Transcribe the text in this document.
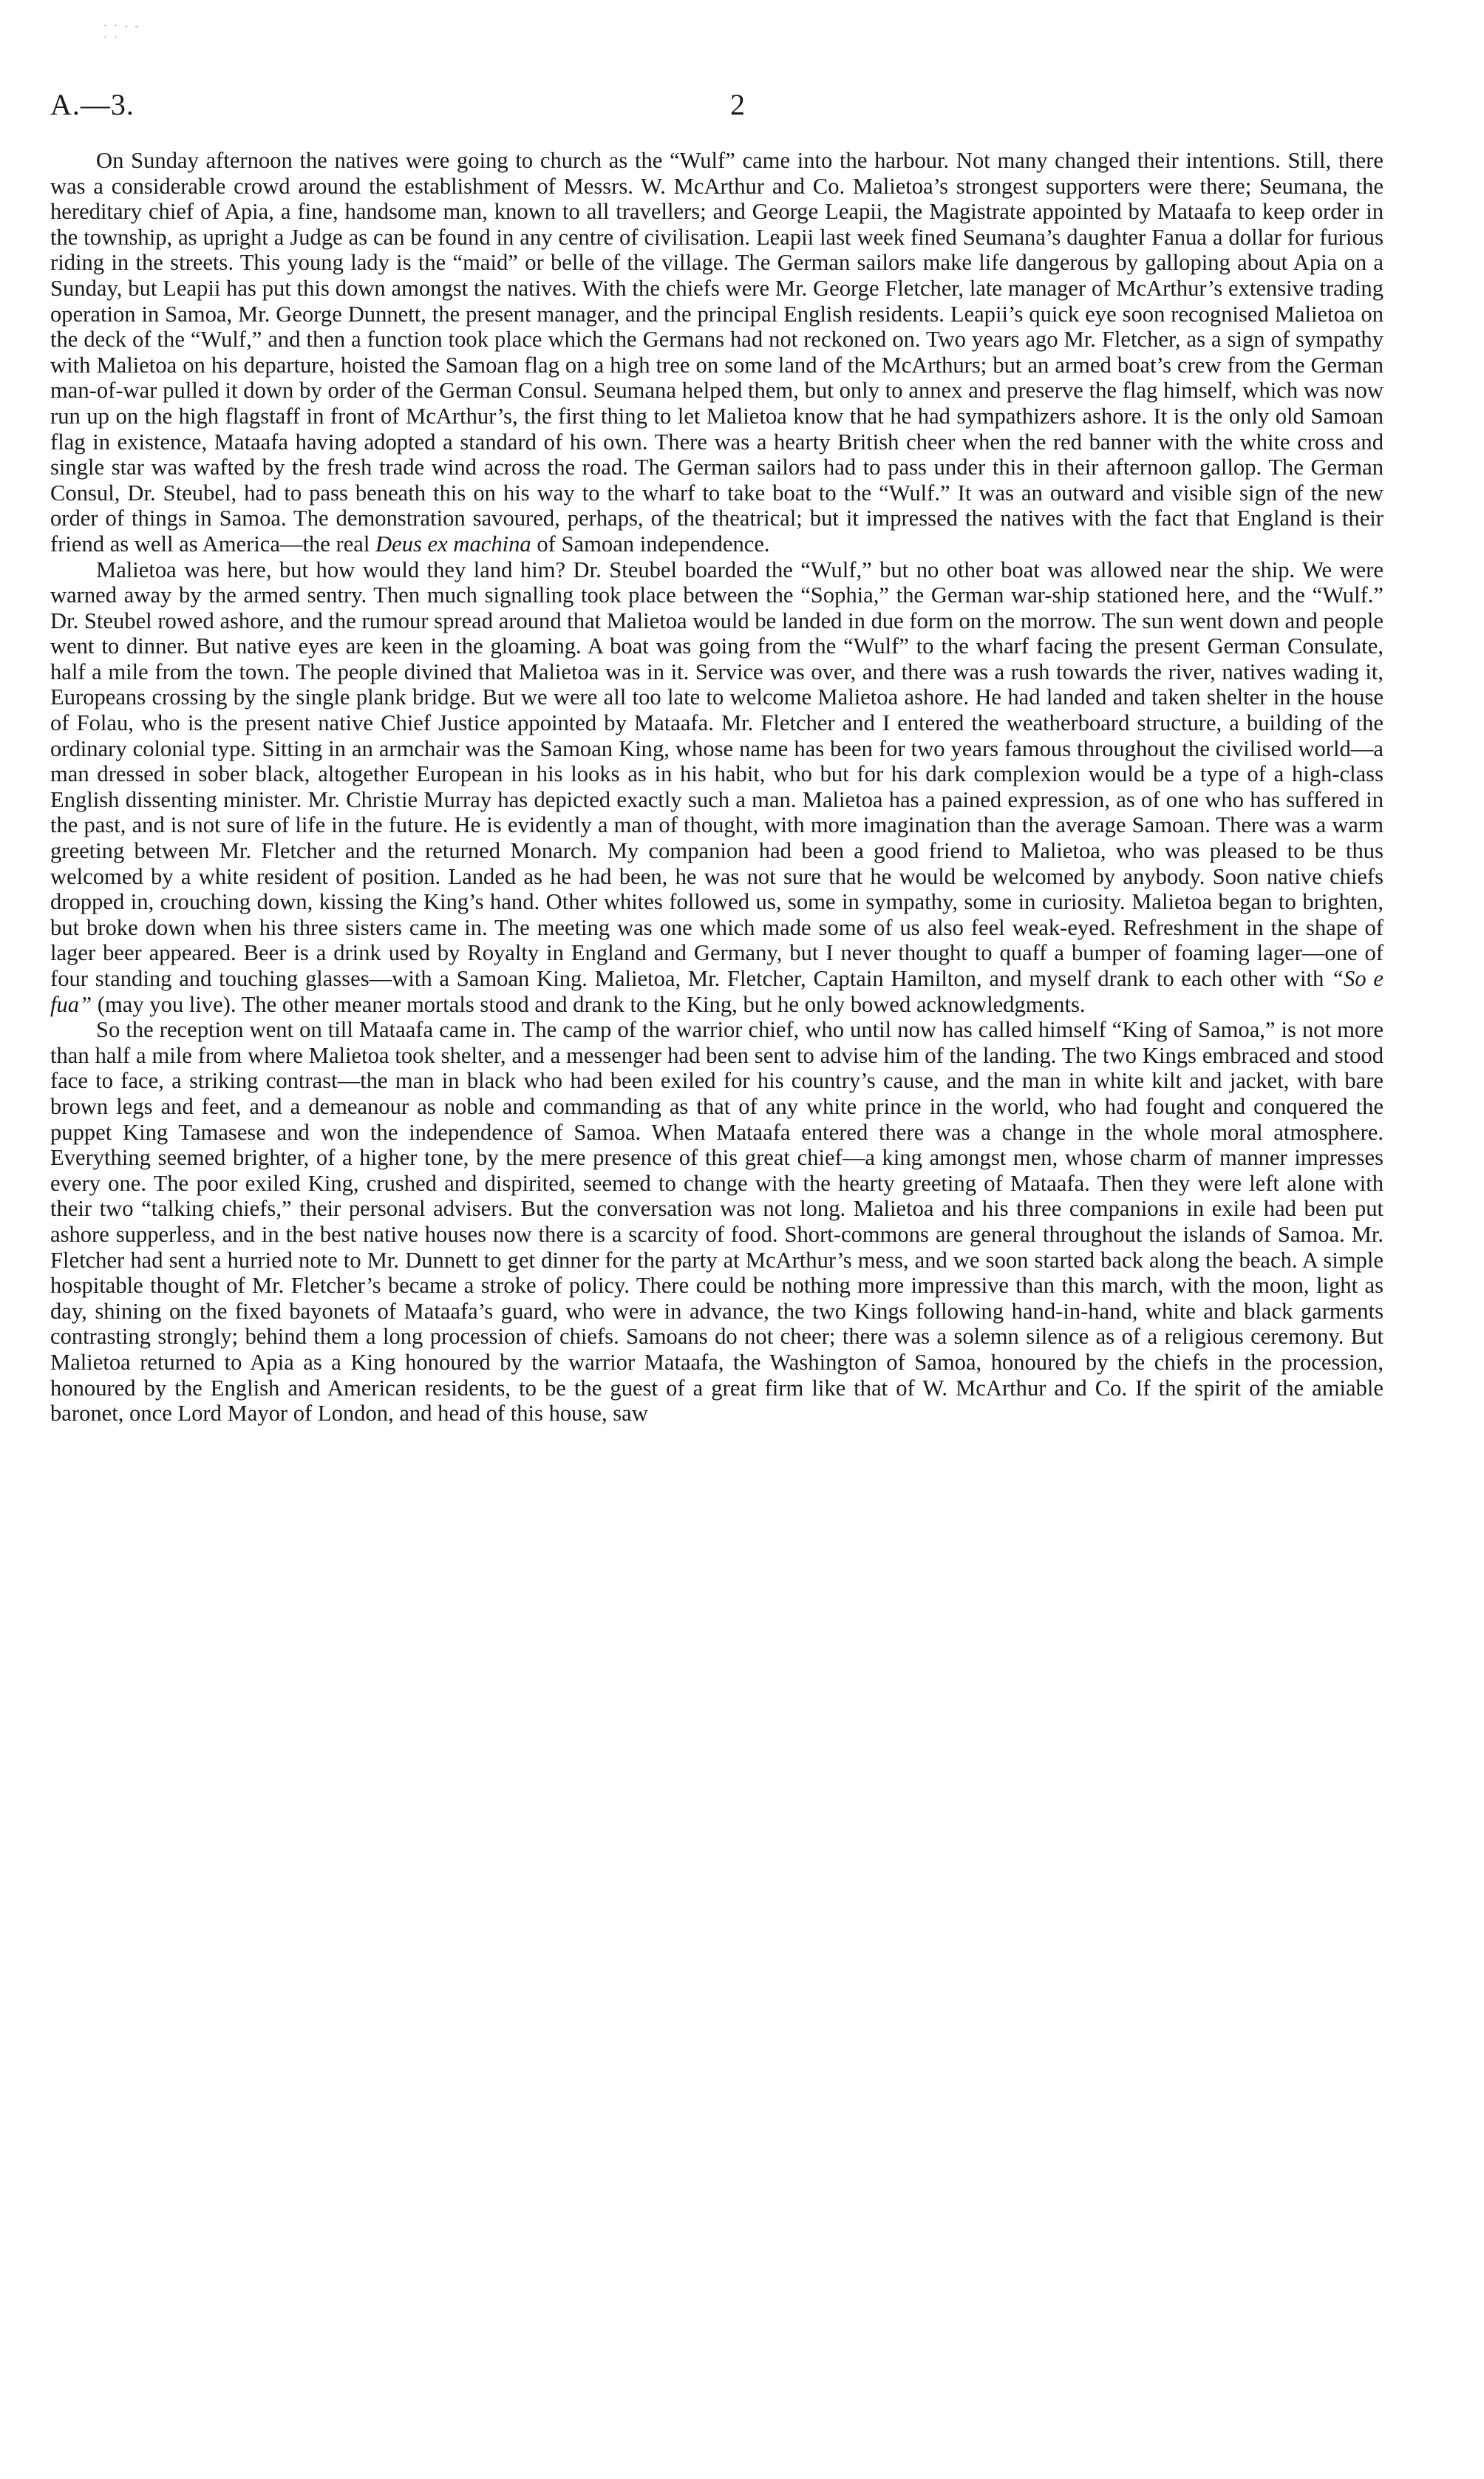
· · - - · ·
A.—3.	2

On Sunday afternoon the natives were going to church as the “Wulf” came into the harbour. Not many changed their intentions. Still, there was a considerable crowd around the establishment of Messrs. W. McArthur and Co. Malietoa’s strongest supporters were there; Seumana, the hereditary chief of Apia, a fine, handsome man, known to all travellers; and George Leapii, the Magistrate appointed by Mataafa to keep order in the township, as upright a Judge as can be found in any centre of civilisation. Leapii last week fined Seumana’s daughter Fanua a dollar for furious riding in the streets. This young lady is the “maid” or belle of the village. The German sailors make life dangerous by galloping about Apia on a Sunday, but Leapii has put this down amongst the natives. With the chiefs were Mr. George Fletcher, late manager of McArthur’s extensive trading operation in Samoa, Mr. George Dunnett, the present manager, and the principal English residents. Leapii’s quick eye soon recognised Malietoa on the deck of the “Wulf,” and then a function took place which the Germans had not reckoned on. Two years ago Mr. Fletcher, as a sign of sympathy with Malietoa on his departure, hoisted the Samoan flag on a high tree on some land of the McArthurs; but an armed boat’s crew from the German man-of-war pulled it down by order of the German Consul. Seumana helped them, but only to annex and preserve the flag himself, which was now run up on the high flagstaff in front of McArthur’s, the first thing to let Malietoa know that he had sympathizers ashore. It is the only old Samoan flag in existence, Mataafa having adopted a standard of his own. There was a hearty British cheer when the red banner with the white cross and single star was wafted by the fresh trade wind across the road. The German sailors had to pass under this in their afternoon gallop. The German Consul, Dr. Steubel, had to pass beneath this on his way to the wharf to take boat to the “Wulf.” It was an outward and visible sign of the new order of things in Samoa. The demonstration savoured, perhaps, of the theatrical; but it impressed the natives with the fact that England is their friend as well as America—the real Deus ex machina of Samoan independence.

Malietoa was here, but how would they land him? Dr. Steubel boarded the “Wulf,” but no other boat was allowed near the ship. We were warned away by the armed sentry. Then much signalling took place between the “Sophia,” the German war-ship stationed here, and the “Wulf.” Dr. Steubel rowed ashore, and the rumour spread around that Malietoa would be landed in due form on the morrow. The sun went down and people went to dinner. But native eyes are keen in the gloaming. A boat was going from the “Wulf” to the wharf facing the present German Consulate, half a mile from the town. The people divined that Malietoa was in it. Service was over, and there was a rush towards the river, natives wading it, Europeans crossing by the single plank bridge. But we were all too late to welcome Malietoa ashore. He had landed and taken shelter in the house of Folau, who is the present native Chief Justice appointed by Mataafa. Mr. Fletcher and I entered the weatherboard structure, a building of the ordinary colonial type. Sitting in an armchair was the Samoan King, whose name has been for two years famous throughout the civilised world—a man dressed in sober black, altogether European in his looks as in his habit, who but for his dark complexion would be a type of a high-class English dissenting minister. Mr. Christie Murray has depicted exactly such a man. Malietoa has a pained expression, as of one who has suffered in the past, and is not sure of life in the future. He is evidently a man of thought, with more imagination than the average Samoan. There was a warm greeting between Mr. Fletcher and the returned Monarch. My companion had been a good friend to Malietoa, who was pleased to be thus welcomed by a white resident of position. Landed as he had been, he was not sure that he would be welcomed by anybody. Soon native chiefs dropped in, crouching down, kissing the King’s hand. Other whites followed us, some in sympathy, some in curiosity. Malietoa began to brighten, but broke down when his three sisters came in. The meeting was one which made some of us also feel weak-eyed. Refreshment in the shape of lager beer appeared. Beer is a drink used by Royalty in England and Germany, but I never thought to quaff a bumper of foaming lager—one of four standing and touching glasses—with a Samoan King. Malietoa, Mr. Fletcher, Captain Hamilton, and myself drank to each other with “So e fua” (may you live). The other meaner mortals stood and drank to the King, but he only bowed acknowledgments.

So the reception went on till Mataafa came in. The camp of the warrior chief, who until now has called himself “King of Samoa,” is not more than half a mile from where Malietoa took shelter, and a messenger had been sent to advise him of the landing. The two Kings embraced and stood face to face, a striking contrast—the man in black who had been exiled for his country’s cause, and the man in white kilt and jacket, with bare brown legs and feet, and a demeanour as noble and commanding as that of any white prince in the world, who had fought and conquered the puppet King Tamasese and won the independence of Samoa. When Mataafa entered there was a change in the whole moral atmosphere. Everything seemed brighter, of a higher tone, by the mere presence of this great chief—a king amongst men, whose charm of manner impresses every one. The poor exiled King, crushed and dispirited, seemed to change with the hearty greeting of Mataafa. Then they were left alone with their two “talking chiefs,” their personal advisers. But the conversation was not long. Malietoa and his three companions in exile had been put ashore supperless, and in the best native houses now there is a scarcity of food. Short-commons are general throughout the islands of Samoa. Mr. Fletcher had sent a hurried note to Mr. Dunnett to get dinner for the party at McArthur’s mess, and we soon started back along the beach. A simple hospitable thought of Mr. Fletcher’s became a stroke of policy. There could be nothing more impressive than this march, with the moon, light as day, shining on the fixed bayonets of Mataafa’s guard, who were in advance, the two Kings following hand-in-hand, white and black garments contrasting strongly; behind them a long procession of chiefs. Samoans do not cheer; there was a solemn silence as of a religious ceremony. But Malietoa returned to Apia as a King honoured by the warrior Mataafa, the Washington of Samoa, honoured by the chiefs in the procession, honoured by the English and American residents, to be the guest of a great firm like that of W. McArthur and Co. If the spirit of the amiable baronet, once Lord Mayor of London, and head of this house, saw
